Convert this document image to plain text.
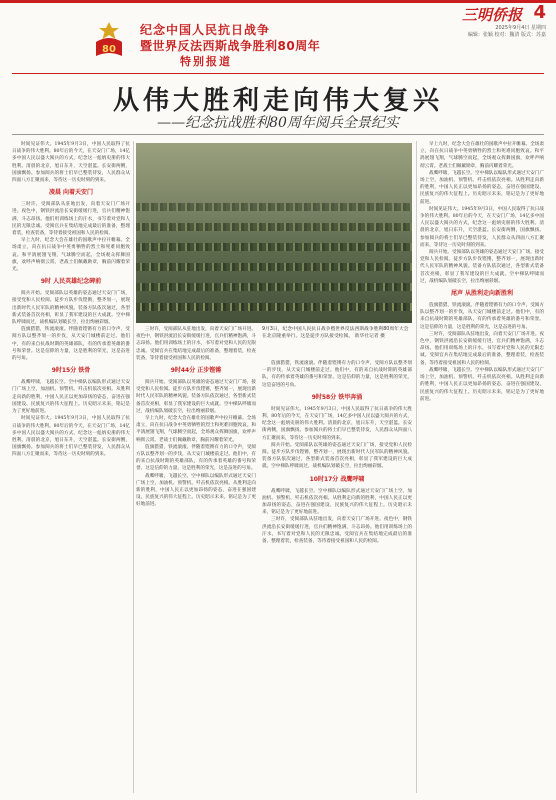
80
纪念中国人民抗日战争
暨世界反法西斯战争胜利80周年
特别报道
三明侨报 4
2025年9月4日 星期四
编辑：张颖 校对：魏清 版式：苏嘉
从伟大胜利走向伟大复兴
——纪念抗战胜利80周年阅兵全景纪实

时间见证伟大。1945年9月3日，中国人民取得了抗日战争的伟大胜利。80年后的今天，在天安门广场，14亿多中国人民以盛大阅兵的方式，纪念这一彪炳史册的伟大胜利。清晨的北京，旭日东升，天空湛蓝。长安街两侧，国旗飘扬。参加阅兵的将士们早已整装待发，人民群众从四面八方汇聚而来，等待这一历史时刻的到来。

凌晨 向着天安门

三时许，受阅部队从驻地出发，向着天安门广场开进。夜色中，钢铁洪流沿长安街缓缓行进，官兵们精神饱满，斗志昂扬。他们用训练场上的汗水，书写着对党和人民的无限忠诚。受阅官兵在集结地完成最后的准备，整理着装，检查装备，等待着接受祖国和人民的检阅。

早上九时，纪念大会在雄壮的国歌声中拉开帷幕。全场肃立，向在抗日战争中英勇牺牲的烈士和死难同胞致哀。和平鸽展翅飞翔，气球腾空而起，全场观众挥舞国旗，欢呼声响彻云霄。老战士们佩戴勋章，胸前闪耀着荣光。

9时 人民英雄纪念碑前

阅兵开始。受阅部队以英雄的姿态通过天安门广场，接受党和人民检阅。徒步方队步伐铿锵，整齐划一，展现出新时代人民军队的精神风貌。装备方队依次通过，各型新式装备首次亮相，彰显了我军建设的巨大成就。空中梯队呼啸而过，战机编队划破长空，拉出绚丽彩烟。

旌旗猎猎，铁流滚滚。伴随着铿锵有力的口令声，受阅方队以整齐划一的步伐，从天安门城楼前走过。他们中，有的来自抗战时期的英雄部队，有的传承着英雄的番号和荣誉。这是信仰的力量，这是胜利的荣光，这是奋进的号角。

9时15分 铁骨

战鹰呼啸，飞越长空。空中梯队以编队形式通过天安门广场上空，加油机、预警机、歼击机依次亮相。从胜利走向新的胜利，中国人民正以更加昂扬的姿态，奋进在强国建设、民族复兴的伟大征程上。历史昭示未来，铭记是为了更好地前进。

时间见证伟大。1945年9月3日，中国人民取得了抗日战争的伟大胜利。80年后的今天，在天安门广场，14亿多中国人民以盛大阅兵的方式，纪念这一彪炳史册的伟大胜利。清晨的北京，旭日东升，天空湛蓝。长安街两侧，国旗飘扬。参加阅兵的将士们早已整装待发，人民群众从四面八方汇聚而来，等待这一历史时刻的到来。

9月3日，纪念中国人民抗日战争暨世界反法西斯战争胜利80周年大会在北京隆重举行。这是徒步方队接受检阅。 新华社记者 摄

三时许，受阅部队从驻地出发，向着天安门广场开进。夜色中，钢铁洪流沿长安街缓缓行进，官兵们精神饱满，斗志昂扬。他们用训练场上的汗水，书写着对党和人民的无限忠诚。受阅官兵在集结地完成最后的准备，整理着装，检查装备，等待着接受祖国和人民的检阅。

9时44分 正步铿锵

阅兵开始。受阅部队以英雄的姿态通过天安门广场，接受党和人民检阅。徒步方队步伐铿锵，整齐划一，展现出新时代人民军队的精神风貌。装备方队依次通过，各型新式装备首次亮相，彰显了我军建设的巨大成就。空中梯队呼啸而过，战机编队划破长空，拉出绚丽彩烟。

早上九时，纪念大会在雄壮的国歌声中拉开帷幕。全场肃立，向在抗日战争中英勇牺牲的烈士和死难同胞致哀。和平鸽展翅飞翔，气球腾空而起，全场观众挥舞国旗，欢呼声响彻云霄。老战士们佩戴勋章，胸前闪耀着荣光。

旌旗猎猎，铁流滚滚。伴随着铿锵有力的口令声，受阅方队以整齐划一的步伐，从天安门城楼前走过。他们中，有的来自抗战时期的英雄部队，有的传承着英雄的番号和荣誉。这是信仰的力量，这是胜利的荣光，这是奋进的号角。

战鹰呼啸，飞越长空。空中梯队以编队形式通过天安门广场上空，加油机、预警机、歼击机依次亮相。从胜利走向新的胜利，中国人民正以更加昂扬的姿态，奋进在强国建设、民族复兴的伟大征程上。历史昭示未来，铭记是为了更好地前进。

旌旗猎猎，铁流滚滚。伴随着铿锵有力的口令声，受阅方队以整齐划一的步伐，从天安门城楼前走过。他们中，有的来自抗战时期的英雄部队，有的传承着英雄的番号和荣誉。这是信仰的力量，这是胜利的荣光，这是奋进的号角。

9时58分 铁甲奔涌

时间见证伟大。1945年9月3日，中国人民取得了抗日战争的伟大胜利。80年后的今天，在天安门广场，14亿多中国人民以盛大阅兵的方式，纪念这一彪炳史册的伟大胜利。清晨的北京，旭日东升，天空湛蓝。长安街两侧，国旗飘扬。参加阅兵的将士们早已整装待发，人民群众从四面八方汇聚而来，等待这一历史时刻的到来。

阅兵开始。受阅部队以英雄的姿态通过天安门广场，接受党和人民检阅。徒步方队步伐铿锵，整齐划一，展现出新时代人民军队的精神风貌。装备方队依次通过，各型新式装备首次亮相，彰显了我军建设的巨大成就。空中梯队呼啸而过，战机编队划破长空，拉出绚丽彩烟。

10时17分 战鹰呼啸

战鹰呼啸，飞越长空。空中梯队以编队形式通过天安门广场上空，加油机、预警机、歼击机依次亮相。从胜利走向新的胜利，中国人民正以更加昂扬的姿态，奋进在强国建设、民族复兴的伟大征程上。历史昭示未来，铭记是为了更好地前进。

三时许，受阅部队从驻地出发，向着天安门广场开进。夜色中，钢铁洪流沿长安街缓缓行进，官兵们精神饱满，斗志昂扬。他们用训练场上的汗水，书写着对党和人民的无限忠诚。受阅官兵在集结地完成最后的准备，整理着装，检查装备，等待着接受祖国和人民的检阅。

早上九时，纪念大会在雄壮的国歌声中拉开帷幕。全场肃立，向在抗日战争中英勇牺牲的烈士和死难同胞致哀。和平鸽展翅飞翔，气球腾空而起，全场观众挥舞国旗，欢呼声响彻云霄。老战士们佩戴勋章，胸前闪耀着荣光。

战鹰呼啸，飞越长空。空中梯队以编队形式通过天安门广场上空，加油机、预警机、歼击机依次亮相。从胜利走向新的胜利，中国人民正以更加昂扬的姿态，奋进在强国建设、民族复兴的伟大征程上。历史昭示未来，铭记是为了更好地前进。

时间见证伟大。1945年9月3日，中国人民取得了抗日战争的伟大胜利。80年后的今天，在天安门广场，14亿多中国人民以盛大阅兵的方式，纪念这一彪炳史册的伟大胜利。清晨的北京，旭日东升，天空湛蓝。长安街两侧，国旗飘扬。参加阅兵的将士们早已整装待发，人民群众从四面八方汇聚而来，等待这一历史时刻的到来。

阅兵开始。受阅部队以英雄的姿态通过天安门广场，接受党和人民检阅。徒步方队步伐铿锵，整齐划一，展现出新时代人民军队的精神风貌。装备方队依次通过，各型新式装备首次亮相，彰显了我军建设的巨大成就。空中梯队呼啸而过，战机编队划破长空，拉出绚丽彩烟。

尾声 从胜利走向新胜利

旌旗猎猎，铁流滚滚。伴随着铿锵有力的口令声，受阅方队以整齐划一的步伐，从天安门城楼前走过。他们中，有的来自抗战时期的英雄部队，有的传承着英雄的番号和荣誉。这是信仰的力量，这是胜利的荣光，这是奋进的号角。

三时许，受阅部队从驻地出发，向着天安门广场开进。夜色中，钢铁洪流沿长安街缓缓行进，官兵们精神饱满，斗志昂扬。他们用训练场上的汗水，书写着对党和人民的无限忠诚。受阅官兵在集结地完成最后的准备，整理着装，检查装备，等待着接受祖国和人民的检阅。

战鹰呼啸，飞越长空。空中梯队以编队形式通过天安门广场上空，加油机、预警机、歼击机依次亮相。从胜利走向新的胜利，中国人民正以更加昂扬的姿态，奋进在强国建设、民族复兴的伟大征程上。历史昭示未来，铭记是为了更好地前进。
